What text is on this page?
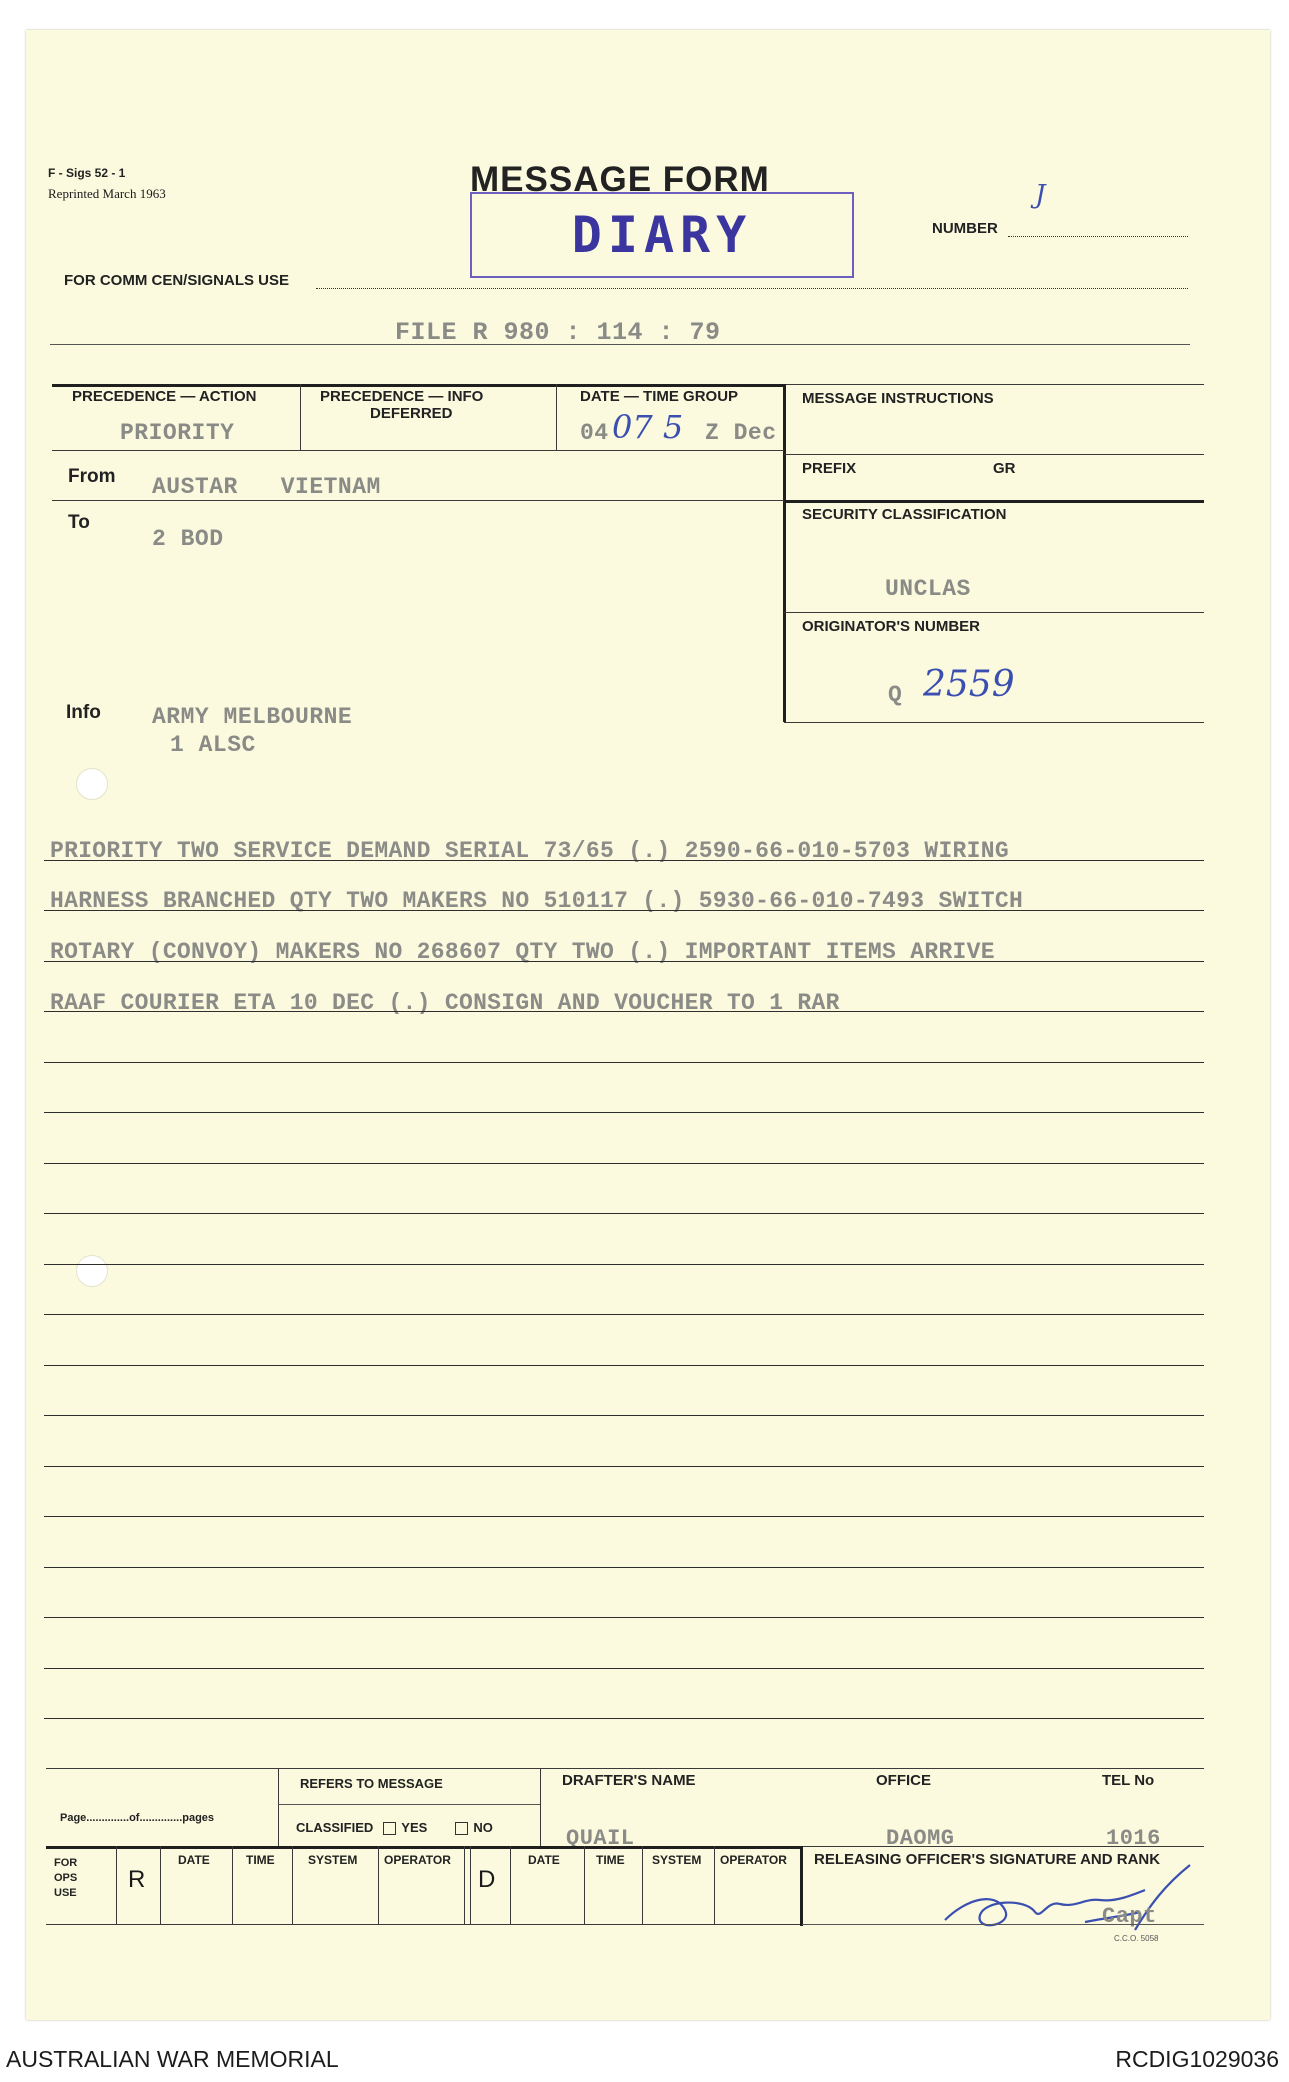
F - Sigs 52 - 1
Reprinted March 1963	MESSAGE FORM
NUMBER
J
DIARY
FOR COMM CEN/SIGNALS USE
FILE R 980 : 114 : 79
PRECEDENCE — ACTION
PRIORITY
PRECEDENCE — INFO
DEFERRED
DATE — TIME GROUP
04 07 5 Z Dec
MESSAGE INSTRUCTIONS
PREFIX	GR
SECURITY CLASSIFICATION
UNCLAS
ORIGINATOR'S NUMBER
Q 2559
From AUSTAR   VIETNAM
To
2 BOD
Info ARMY MELBOURNE
1 ALSC
PRIORITY TWO SERVICE DEMAND SERIAL 73/65 (.) 2590-66-010-5703 WIRING
HARNESS BRANCHED QTY TWO MAKERS NO 510117 (.) 5930-66-010-7493 SWITCH
ROTARY (CONVOY) MAKERS NO 268607 QTY TWO (.) IMPORTANT ITEMS ARRIVE
RAAF COURIER ETA 10 DEC (.) CONSIGN AND VOUCHER TO 1 RAR
REFERS TO MESSAGE
CLASSIFIED YES	NO
Page..............of..............pages
DRAFTER'S NAME
QUAIL
OFFICE
DAOMG
TEL No
1016
FOR OPS USE	R
DATE	TIME	SYSTEM OPERATOR
D
DATE	TIME SYSTEM OPERATOR RELEASING OFFICER'S SIGNATURE AND RANK
Capt
C.C.O. 5058
AUSTRALIAN WAR MEMORIAL	RCDIG1029036
